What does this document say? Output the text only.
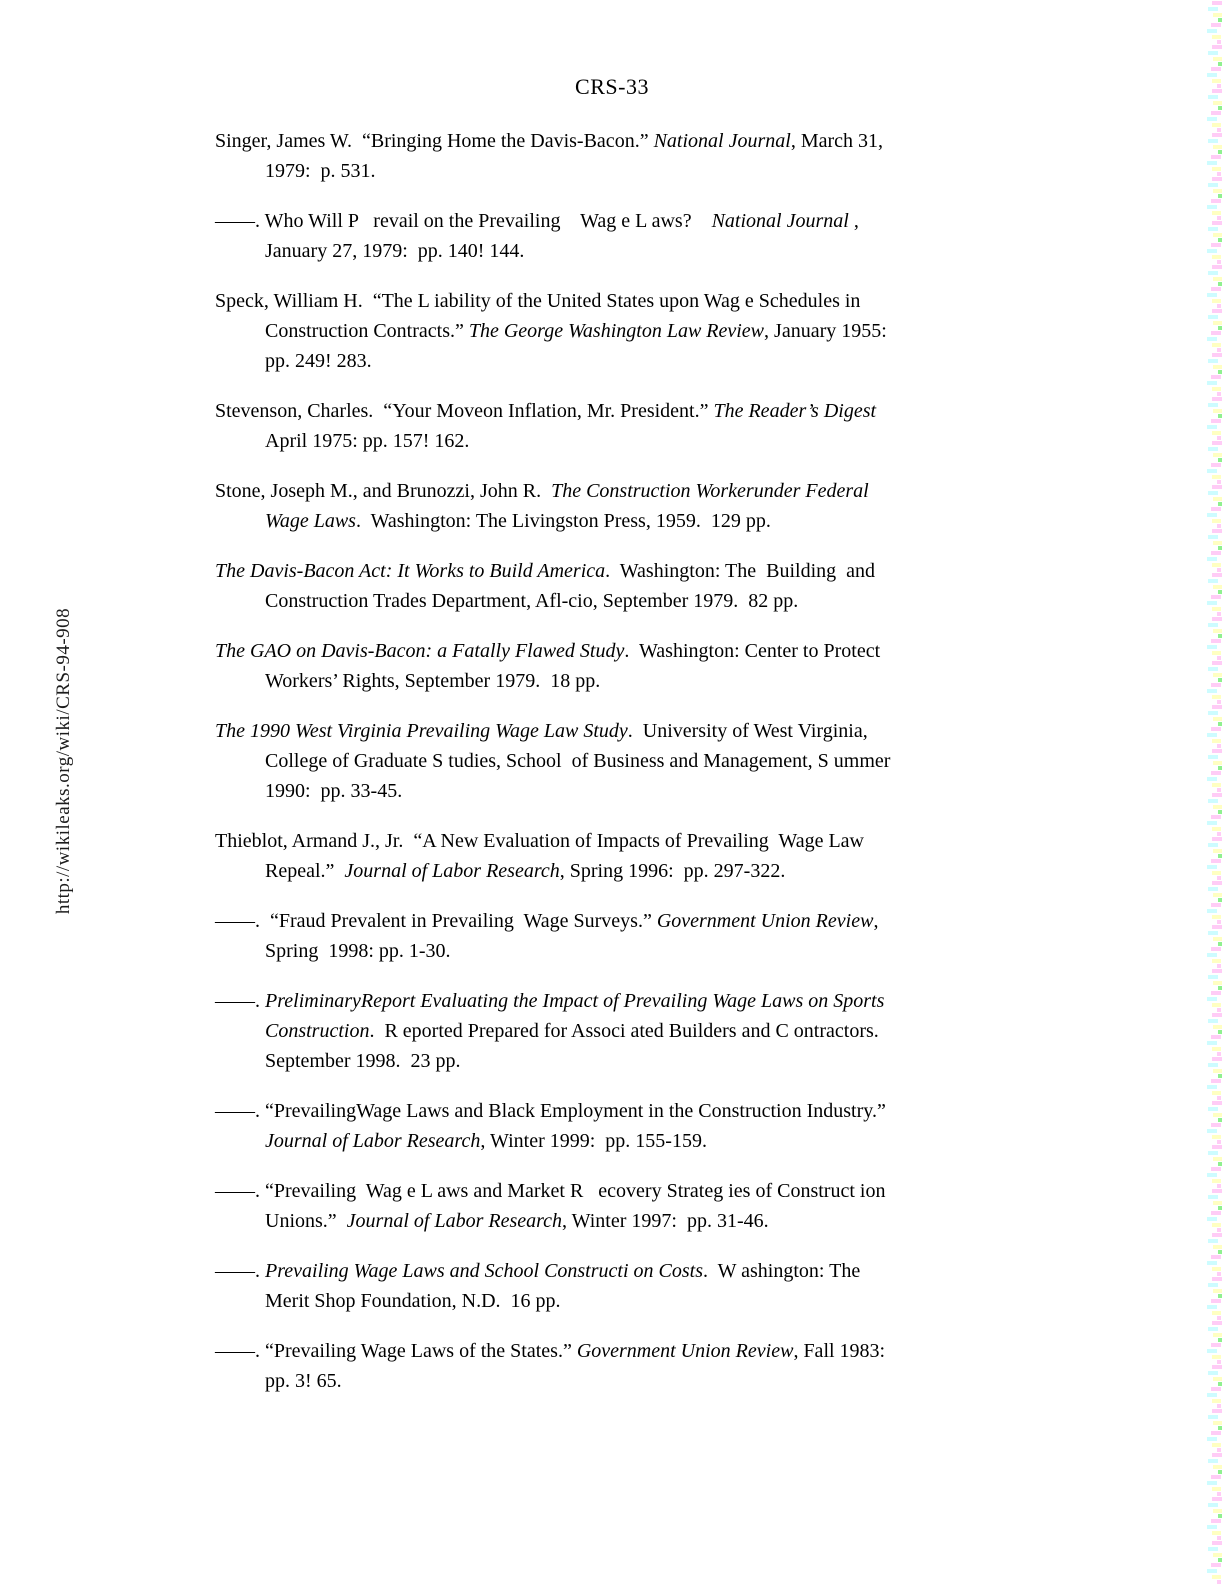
CRS-33
http://wikileaks.org/wiki/CRS-94-908
Singer, James W.  “Bringing Home the Davis-Bacon.” National Journal, March 31,
1979:  p. 531.
——. Who Will P   revail on the Prevailing    Wag e L aws?    National Journal ,
January 27, 1979:  pp. 140! 144.
Speck, William H.  “The L iability of the United States upon Wag e Schedules in
Construction Contracts.” The George Washington Law Review, January 1955:
pp. 249! 283.
Stevenson, Charles.  “Your Moveon Inflation, Mr. President.” The Reader’s Digest
April 1975: pp. 157! 162.
Stone, Joseph M., and Brunozzi, John R.  The Construction Workerunder Federal
Wage Laws.  Washington: The Livingston Press, 1959.  129 pp.
The Davis-Bacon Act: It Works to Build America.  Washington: The  Building  and
Construction Trades Department, Afl-cio, September 1979.  82 pp.
The GAO on Davis-Bacon: a Fatally Flawed Study.  Washington: Center to Protect
Workers’ Rights, September 1979.  18 pp.
The 1990 West Virginia Prevailing Wage Law Study.  University of West Virginia,
College of Graduate S tudies, School  of Business and Management, S ummer
1990:  pp. 33-45.
Thieblot, Armand J., Jr.  “A New Evaluation of Impacts of Prevailing  Wage Law
Repeal.”  Journal of Labor Research, Spring 1996:  pp. 297-322.
——.  “Fraud Prevalent in Prevailing  Wage Surveys.” Government Union Review,
Spring  1998: pp. 1-30.
——. PreliminaryReport Evaluating the Impact of Prevailing Wage Laws on Sports
Construction.  R eported Prepared for Associ ated Builders and C ontractors.
September 1998.  23 pp.
——. “PrevailingWage Laws and Black Employment in the Construction Industry.”
Journal of Labor Research, Winter 1999:  pp. 155-159.
——. “Prevailing  Wag e L aws and Market R   ecovery Strateg ies of Construct ion
Unions.”  Journal of Labor Research, Winter 1997:  pp. 31-46.
——. Prevailing Wage Laws and School Constructi on Costs.  W ashington: The
Merit Shop Foundation, N.D.  16 pp.
——. “Prevailing Wage Laws of the States.” Government Union Review, Fall 1983:
pp. 3! 65.
